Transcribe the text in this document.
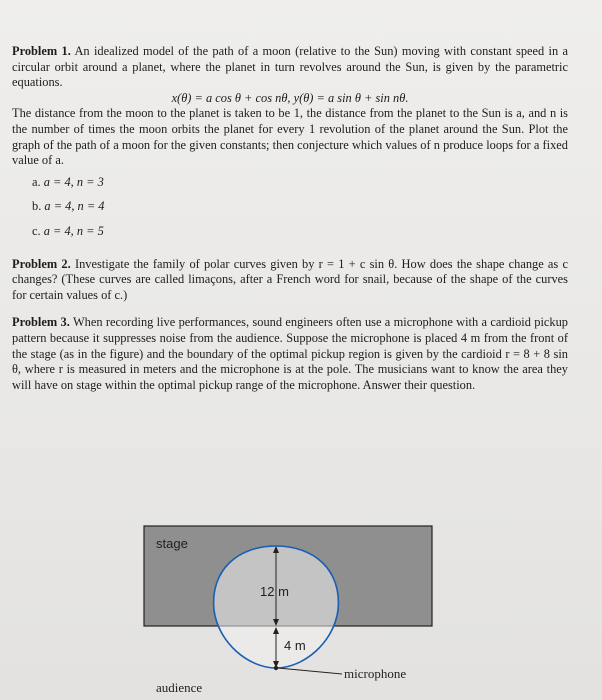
Problem 1. An idealized model of the path of a moon (relative to the Sun) moving with constant speed in a circular orbit around a planet, where the planet in turn revolves around the Sun, is given by the parametric equations.

x(θ) = a cos θ + cos nθ, y(θ) = a sin θ + sin nθ.

The distance from the moon to the planet is taken to be 1, the distance from the planet to the Sun is a, and n is the number of times the moon orbits the planet for every 1 revolution of the planet around the Sun. Plot the graph of the path of a moon for the given constants; then conjecture which values of n produce loops for a fixed value of a.

a. a = 4, n = 3
b. a = 4, n = 4
c. a = 4, n = 5

Problem 2. Investigate the family of polar curves given by r = 1 + c sin θ. How does the shape change as c changes? (These curves are called limaçons, after a French word for snail, because of the shape of the curves for certain values of c.)

Problem 3. When recording live performances, sound engineers often use a microphone with a cardioid pickup pattern because it suppresses noise from the audience. Suppose the microphone is placed 4 m from the front of the stage (as in the figure) and the boundary of the optimal pickup region is given by the cardioid r = 8 + 8 sin θ, where r is measured in meters and the microphone is at the pole. The musicians want to know the area they will have on stage within the optimal pickup range of the microphone. Answer their question.

stage
12 m
4 m
microphone
audience
